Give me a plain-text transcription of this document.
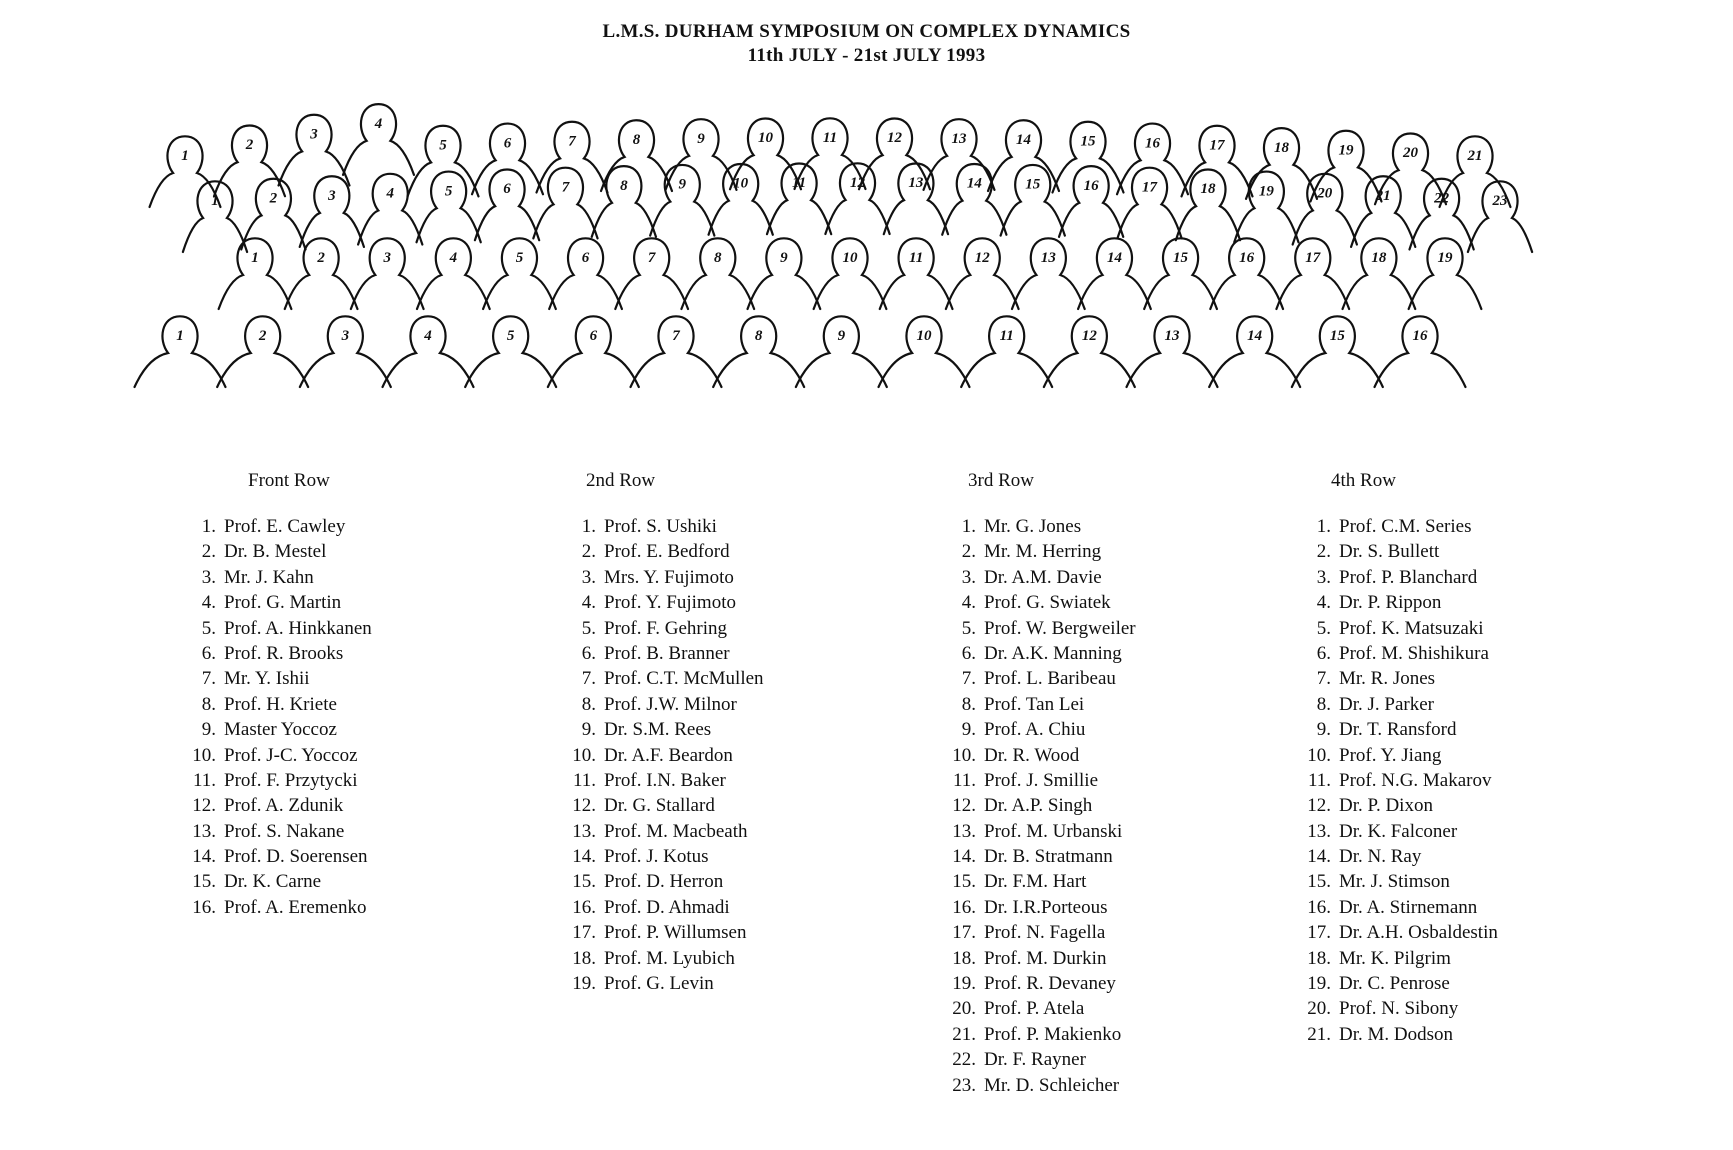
L.M.S. DURHAM SYMPOSIUM ON COMPLEX DYNAMICS
11th JULY - 21st JULY 1993
1
2
3
4
5	6	7	8	9	10	11	12	13	14	15	16	17	18	19	20	21
1	2	3	4	5	6	7	8	9	10	11	12	13	14	15	16	17	18	19	20	21	22	23
1	2	3	4	5	6	7	8	9	10	11	12	13	14	15	16	17	18	19
1	2	3	4	5	6	7	8	9	10	11	12	13	14	15	16
Front Row
1. Prof. E. Cawley
2. Dr. B. Mestel
3. Mr. J. Kahn
4. Prof. G. Martin
5. Prof. A. Hinkkanen
6. Prof. R. Brooks
7. Mr. Y. Ishii
8. Prof. H. Kriete
9. Master Yoccoz
10. Prof. J-C. Yoccoz
11. Prof. F. Przytycki
12. Prof. A. Zdunik
13. Prof. S. Nakane
14. Prof. D. Soerensen
15. Dr. K. Carne
16. Prof. A. Eremenko
2nd Row
1. Prof. S. Ushiki
2. Prof. E. Bedford
3. Mrs. Y. Fujimoto
4. Prof. Y. Fujimoto
5. Prof. F. Gehring
6. Prof. B. Branner
7. Prof. C.T. McMullen
8. Prof. J.W. Milnor
9. Dr. S.M. Rees
10. Dr. A.F. Beardon
11. Prof. I.N. Baker
12. Dr. G. Stallard
13. Prof. M. Macbeath
14. Prof. J. Kotus
15. Prof. D. Herron
16. Prof. D. Ahmadi
17. Prof. P. Willumsen
18. Prof. M. Lyubich
19. Prof. G. Levin
3rd Row
1. Mr. G. Jones
2. Mr. M. Herring
3. Dr. A.M. Davie
4. Prof. G. Swiatek
5. Prof. W. Bergweiler
6. Dr. A.K. Manning
7. Prof. L. Baribeau
8. Prof. Tan Lei
9. Prof. A. Chiu
10. Dr. R. Wood
11. Prof. J. Smillie
12. Dr. A.P. Singh
13. Prof. M. Urbanski
14. Dr. B. Stratmann
15. Dr. F.M. Hart
16. Dr. I.R.Porteous
17. Prof. N. Fagella
18. Prof. M. Durkin
19. Prof. R. Devaney
20. Prof. P. Atela
21. Prof. P. Makienko
22. Dr. F. Rayner
23. Mr. D. Schleicher
4th Row
1. Prof. C.M. Series
2. Dr. S. Bullett
3. Prof. P. Blanchard
4. Dr. P. Rippon
5. Prof. K. Matsuzaki
6. Prof. M. Shishikura
7. Mr. R. Jones
8. Dr. J. Parker
9. Dr. T. Ransford
10. Prof. Y. Jiang
11. Prof. N.G. Makarov
12. Dr. P. Dixon
13. Dr. K. Falconer
14. Dr. N. Ray
15. Mr. J. Stimson
16. Dr. A. Stirnemann
17. Dr. A.H. Osbaldestin
18. Mr. K. Pilgrim
19. Dr. C. Penrose
20. Prof. N. Sibony
21. Dr. M. Dodson
